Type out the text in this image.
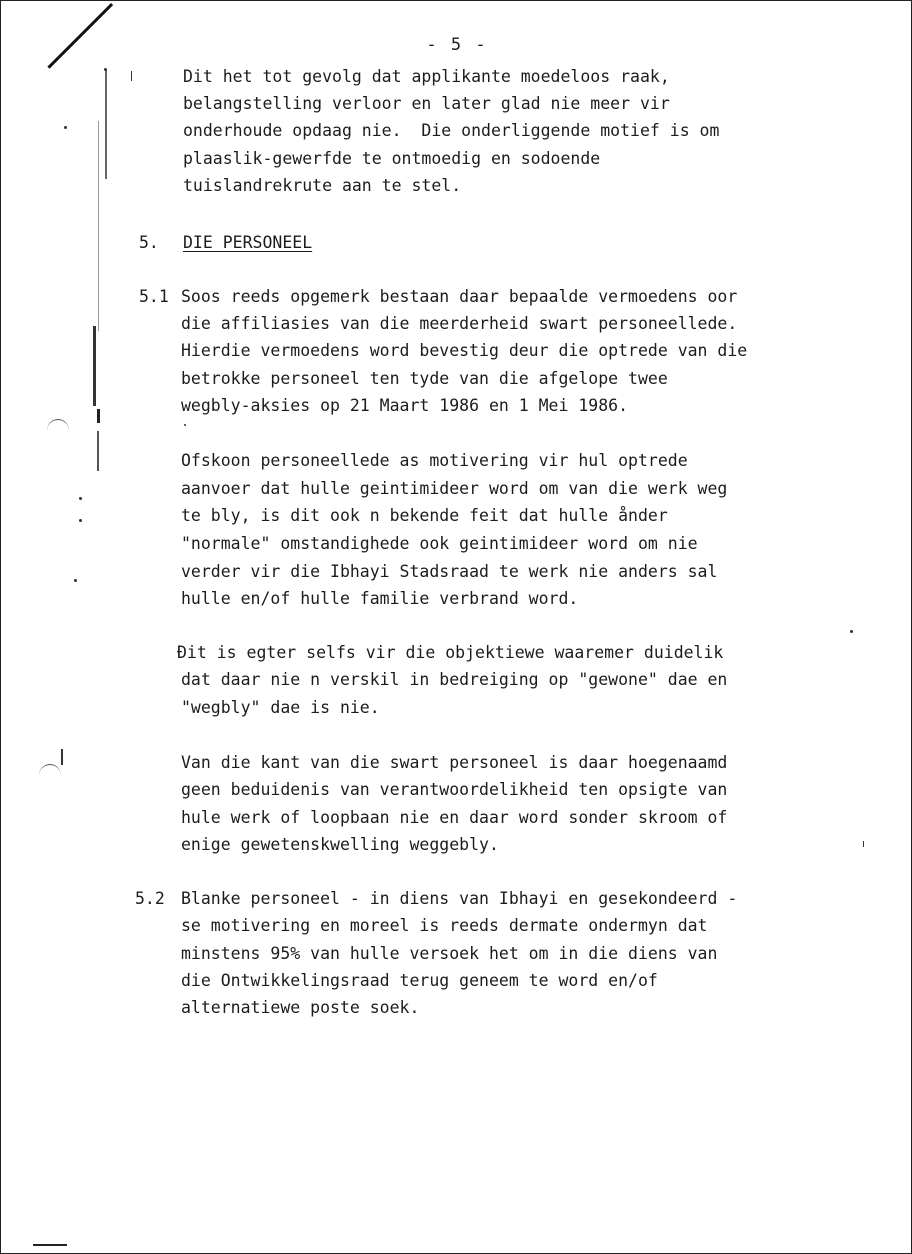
- 5 -
Dit het tot gevolg dat applikante moedeloos raak,
belangstelling verloor en later glad nie meer vir
onderhoude opdaag nie.  Die onderliggende motief is om
plaaslik-gewerfde te ontmoedig en sodoende
tuislandrekrute aan te stel.
5. DIE PERSONEEL
5.1 Soos reeds opgemerk bestaan daar bepaalde vermoedens oor
die affiliasies van die meerderheid swart personeellede.
Hierdie vermoedens word bevestig deur die optrede van die
betrokke personeel ten tyde van die afgelope twee
wegbly-aksies op 21 Maart 1986 en 1 Mei 1986.
Ofskoon personeellede as motivering vir hul optrede
aanvoer dat hulle geintimideer word om van die werk weg
te bly, is dit ook n bekende feit dat hulle ånder
"normale" omstandighede ook geintimideer word om nie
verder vir die Ibhayi Stadsraad te werk nie anders sal
hulle en/of hulle familie verbrand word.
Ðit is egter selfs vir die objektiewe waaremer duidelik
dat daar nie n verskil in bedreiging op "gewone" dae en
"wegbly" dae is nie.
Van die kant van die swart personeel is daar hoegenaamd
geen beduidenis van verantwoordelikheid ten opsigte van
hule werk of loopbaan nie en daar word sonder skroom of
enige gewetenskwelling weggebly.
5.2 Blanke personeel - in diens van Ibhayi en gesekondeerd -
se motivering en moreel is reeds dermate ondermyn dat
minstens 95% van hulle versoek het om in die diens van
die Ontwikkelingsraad terug geneem te word en/of
alternatiewe poste soek.
